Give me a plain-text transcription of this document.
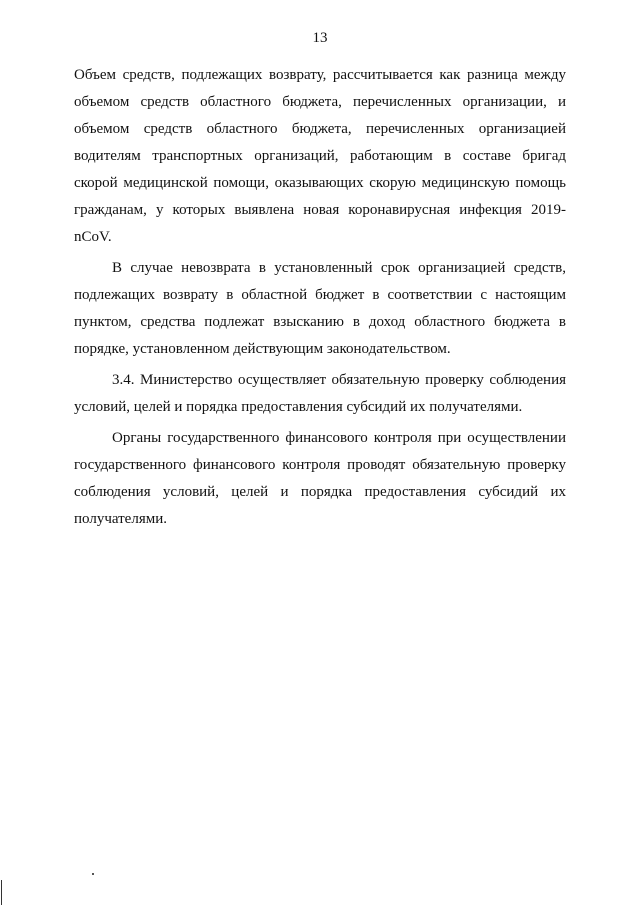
13

Объем средств, подлежащих возврату, рассчитывается как разница между объемом средств областного бюджета, перечисленных организации, и объемом средств областного бюджета, перечисленных организацией водителям транспортных организаций, работающим в составе бригад скорой медицинской помощи, оказывающих скорую медицинскую помощь гражданам, у которых выявлена новая коронавирусная инфекция 2019-nCoV.

В случае невозврата в установленный срок организацией средств, подлежащих возврату в областной бюджет в соответствии с настоящим пунктом, средства подлежат взысканию в доход областного бюджета в порядке, установленном действующим законодательством.

3.4. Министерство осуществляет обязательную проверку соблюдения условий, целей и порядка предоставления субсидий их получателями.

Органы государственного финансового контроля при осуществлении государственного финансового контроля проводят обязательную проверку соблюдения условий, целей и порядка предоставления субсидий их получателями.
